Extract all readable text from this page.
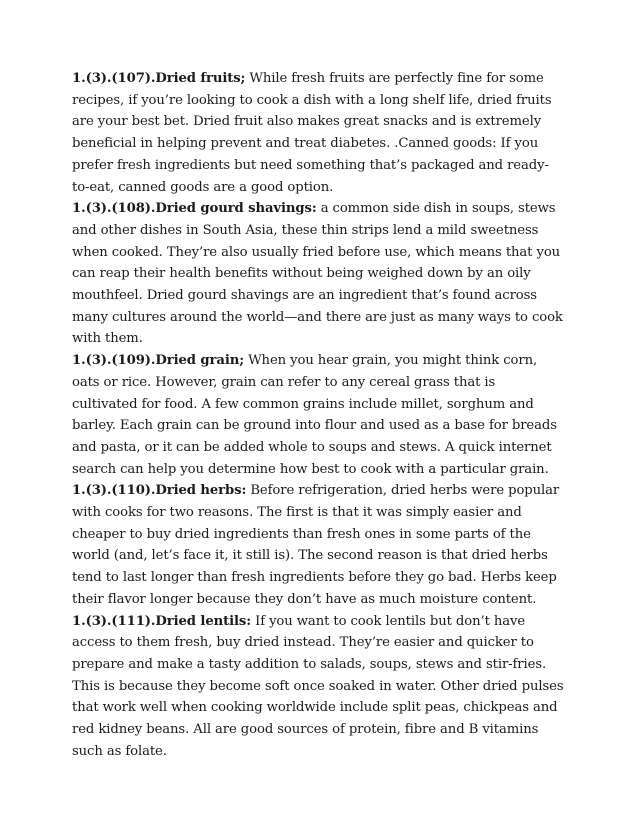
1.(3).(107).Dried fruits; While fresh fruits are perfectly fine for some recipes, if you’re looking to cook a dish with a long shelf life, dried fruits are your best bet. Dried fruit also makes great snacks and is extremely beneficial in helping prevent and treat diabetes. .Canned goods: If you prefer fresh ingredients but need something that’s packaged and ready-to-eat, canned goods are a good option.

1.(3).(108).Dried gourd shavings: a common side dish in soups, stews and other dishes in South Asia, these thin strips lend a mild sweetness when cooked. They’re also usually fried before use, which means that you can reap their health benefits without being weighed down by an oily mouthfeel. Dried gourd shavings are an ingredient that’s found across many cultures around the world—and there are just as many ways to cook with them.

1.(3).(109).Dried grain; When you hear grain, you might think corn, oats or rice. However, grain can refer to any cereal grass that is cultivated for food. A few common grains include millet, sorghum and barley. Each grain can be ground into flour and used as a base for breads and pasta, or it can be added whole to soups and stews. A quick internet search can help you determine how best to cook with a particular grain.

1.(3).(110).Dried herbs: Before refrigeration, dried herbs were popular with cooks for two reasons. The first is that it was simply easier and cheaper to buy dried ingredients than fresh ones in some parts of the world (and, let’s face it, it still is). The second reason is that dried herbs tend to last longer than fresh ingredients before they go bad. Herbs keep their flavor longer because they don’t have as much moisture content.

1.(3).(111).Dried lentils: If you want to cook lentils but don’t have access to them fresh, buy dried instead. They’re easier and quicker to prepare and make a tasty addition to salads, soups, stews and stir-fries. This is because they become soft once soaked in water. Other dried pulses that work well when cooking worldwide include split peas, chickpeas and red kidney beans. All are good sources of protein, fibre and B vitamins such as folate.
